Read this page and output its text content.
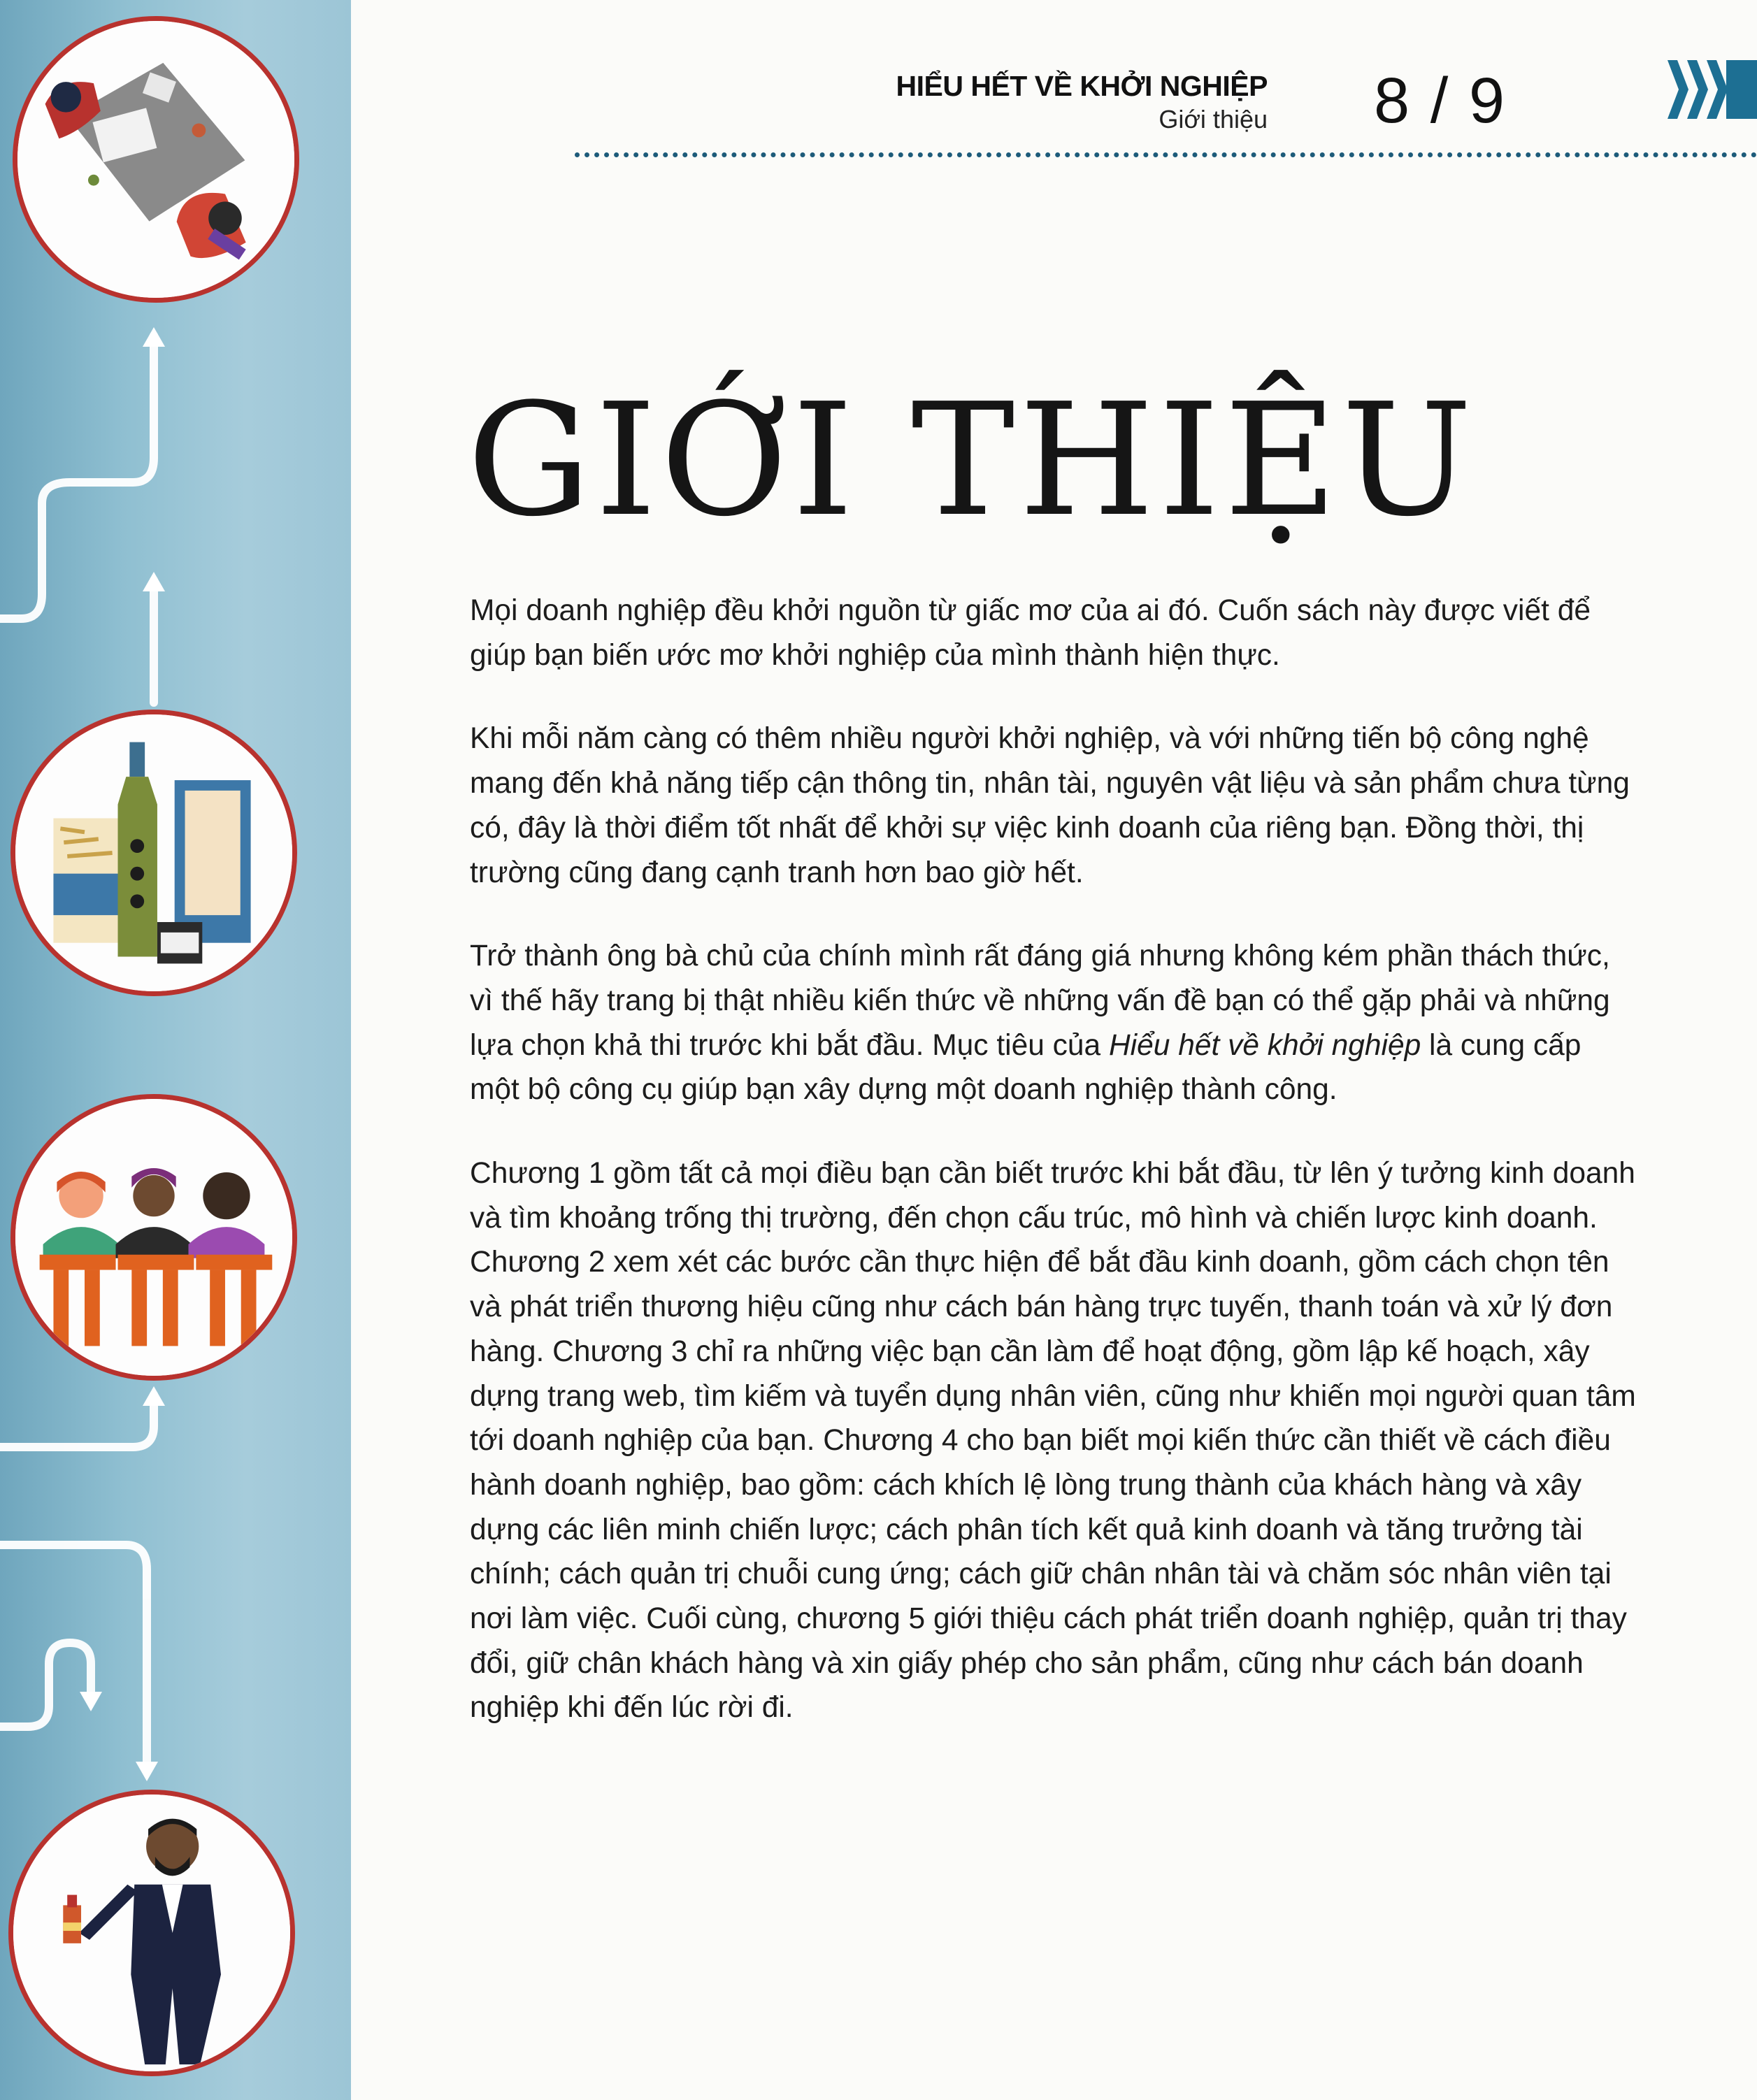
HIỂU HẾT VỀ KHỞI NGHIỆP
Giới thiệu 8 / 9
GIỚI THIỆU

Mọi doanh nghiệp đều khởi nguồn từ giấc mơ của ai đó. Cuốn sách này được viết để giúp bạn biến ước mơ khởi nghiệp của mình thành hiện thực.

Khi mỗi năm càng có thêm nhiều người khởi nghiệp, và với những tiến bộ công nghệ mang đến khả năng tiếp cận thông tin, nhân tài, nguyên vật liệu và sản phẩm chưa từng có, đây là thời điểm tốt nhất để khởi sự việc kinh doanh của riêng bạn. Đồng thời, thị trường cũng đang cạnh tranh hơn bao giờ hết.

Trở thành ông bà chủ của chính mình rất đáng giá nhưng không kém phần thách thức, vì thế hãy trang bị thật nhiều kiến thức về những vấn đề bạn có thể gặp phải và những lựa chọn khả thi trước khi bắt đầu. Mục tiêu của Hiểu hết về khởi nghiệp là cung cấp một bộ công cụ giúp bạn xây dựng một doanh nghiệp thành công.

Chương 1 gồm tất cả mọi điều bạn cần biết trước khi bắt đầu, từ lên ý tưởng kinh doanh và tìm khoảng trống thị trường, đến chọn cấu trúc, mô hình và chiến lược kinh doanh. Chương 2 xem xét các bước cần thực hiện để bắt đầu kinh doanh, gồm cách chọn tên và phát triển thương hiệu cũng như cách bán hàng trực tuyến, thanh toán và xử lý đơn hàng. Chương 3 chỉ ra những việc bạn cần làm để hoạt động, gồm lập kế hoạch, xây dựng trang web, tìm kiếm và tuyển dụng nhân viên, cũng như khiến mọi người quan tâm tới doanh nghiệp của bạn. Chương 4 cho bạn biết mọi kiến thức cần thiết về cách điều hành doanh nghiệp, bao gồm: cách khích lệ lòng trung thành của khách hàng và xây dựng các liên minh chiến lược; cách phân tích kết quả kinh doanh và tăng trưởng tài chính; cách quản trị chuỗi cung ứng; cách giữ chân nhân tài và chăm sóc nhân viên tại nơi làm việc. Cuối cùng, chương 5 giới thiệu cách phát triển doanh nghiệp, quản trị thay đổi, giữ chân khách hàng và xin giấy phép cho sản phẩm, cũng như cách bán doanh nghiệp khi đến lúc rời đi.
